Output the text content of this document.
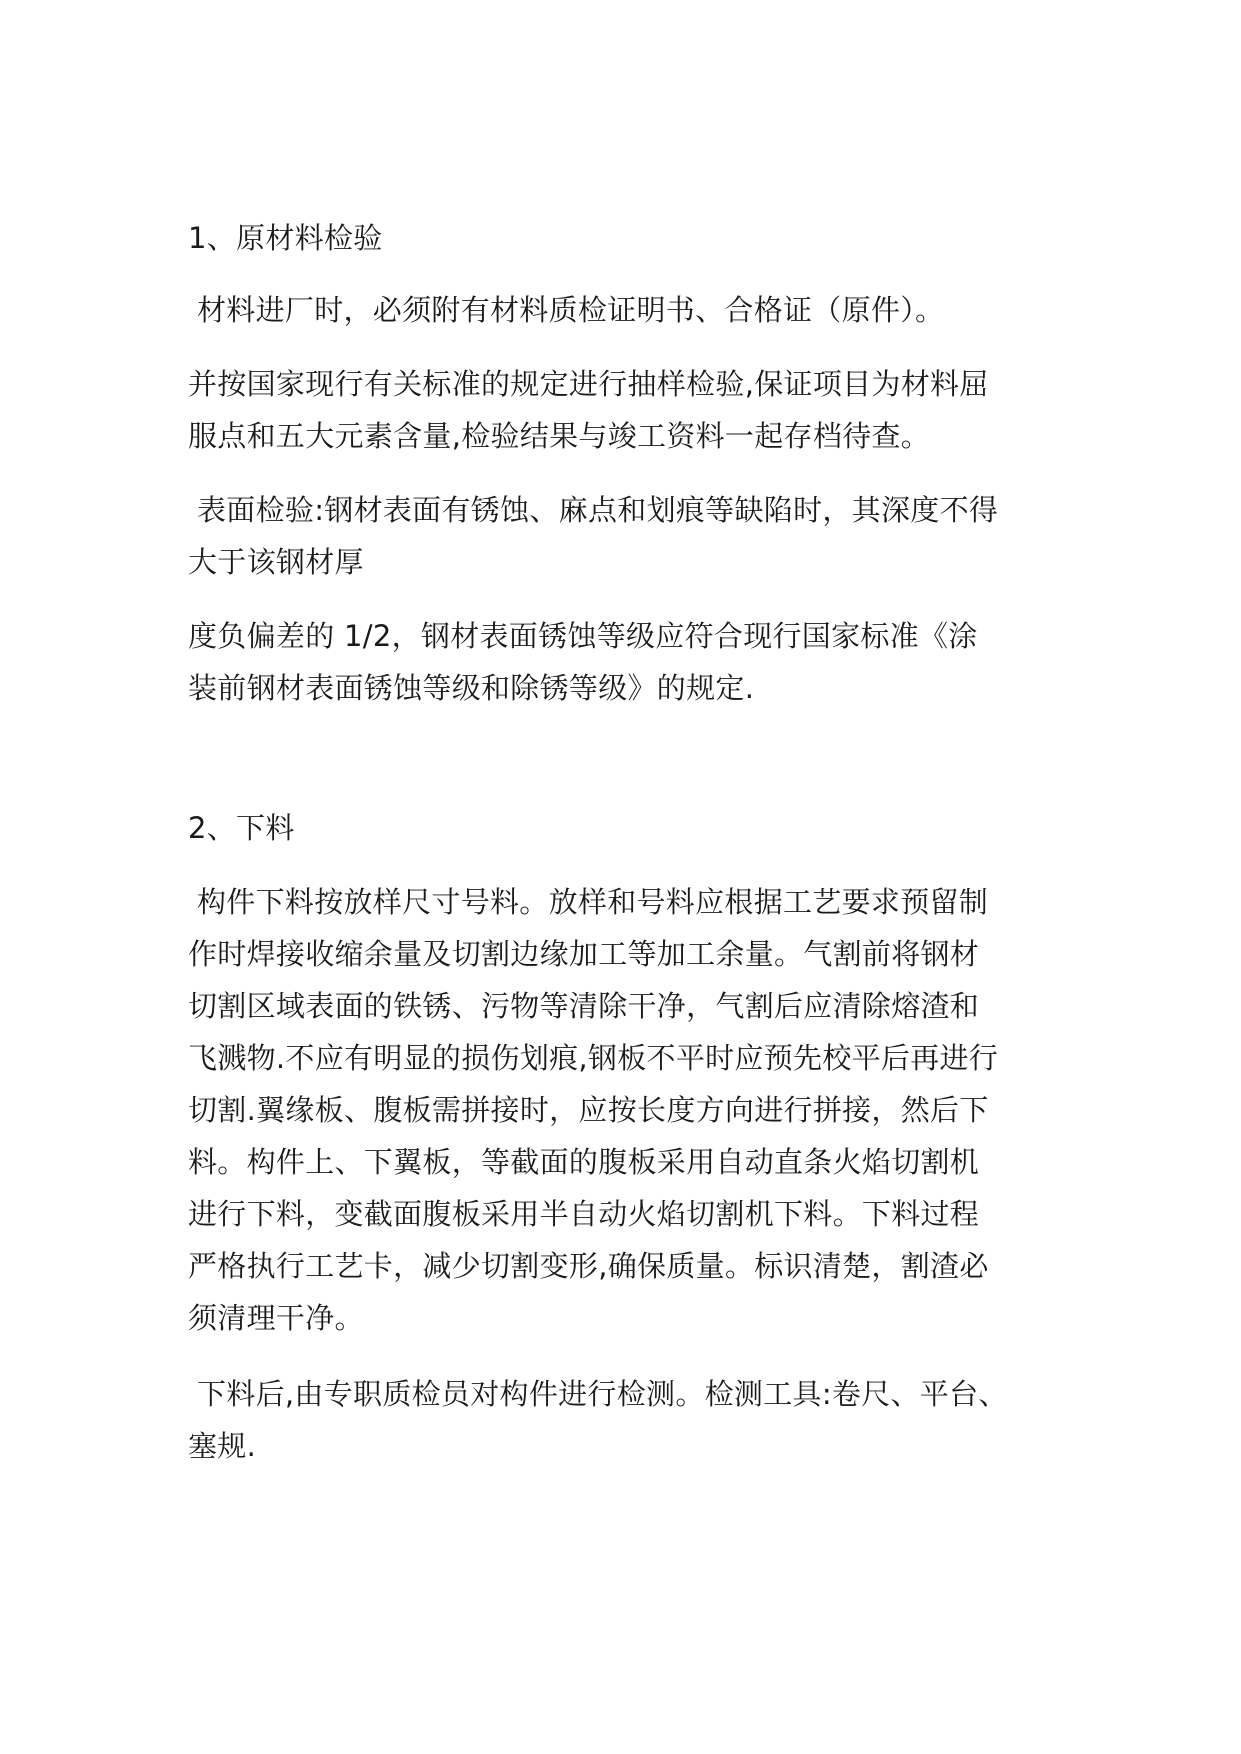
1、原材料检验

材料进厂时，必须附有材料质检证明书、合格证（原件）。

并按国家现行有关标准的规定进行抽样检验,保证项目为材料屈

服点和五大元素含量,检验结果与竣工资料一起存档待查。

表面检验:钢材表面有锈蚀、麻点和划痕等缺陷时，其深度不得

大于该钢材厚

度负偏差的 1/2，钢材表面锈蚀等级应符合现行国家标准《涂

装前钢材表面锈蚀等级和除锈等级》的规定.

2、下料

构件下料按放样尺寸号料。放样和号料应根据工艺要求预留制

作时焊接收缩余量及切割边缘加工等加工余量。气割前将钢材

切割区域表面的铁锈、污物等清除干净，气割后应清除熔渣和

飞溅物.不应有明显的损伤划痕,钢板不平时应预先校平后再进行

切割.翼缘板、腹板需拼接时，应按长度方向进行拼接，然后下

料。构件上、下翼板，等截面的腹板采用自动直条火焰切割机

进行下料，变截面腹板采用半自动火焰切割机下料。下料过程

严格执行工艺卡，减少切割变形,确保质量。标识清楚，割渣必

须清理干净。

下料后,由专职质检员对构件进行检测。检测工具:卷尺、平台、

塞规.
